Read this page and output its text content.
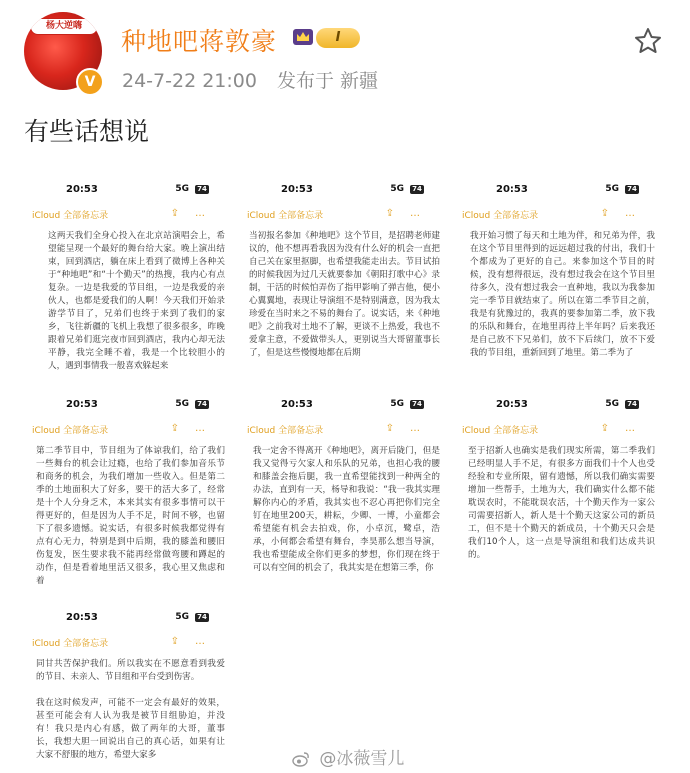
杨大逆嗨
V
种地吧蒋敦豪	I
24-7-22 21:00 发布于 新疆
有些话想说
20:53	5G	74
iCloud 全部备忘录	⇪…
这两天我们全身心投入在北京站演唱会上，希望能呈现一个最好的舞台给大家。晚上演出结束，回到酒店，躺在床上看到了微博上各种关于“种地吧”和“十个勤天”的热搜，我内心有点复杂。一边是我爱的节目组，一边是我爱的亲伙人，也都是爱我们的人啊！今天我们开始录游学节目了，兄弟们也终于来到了我们的家乡，飞往新疆的飞机上我想了很多很多，昨晚跟着兄弟们逛完夜市回到酒店，我内心却无法平静，我完全睡不着，我是一个比较胆小的人，遇到事情我一般喜欢躲起来
20:53	5G	74
iCloud 全部备忘录	⇪…
当初报名参加《种地吧》这个节目，是招聘老师建议的，他不想再看我因为没有什么好的机会一直把自己关在家里抠脚，也希望我能走出去。节目试拍的时候我因为过几天就要参加《朝阳打歌中心》录制，干活的时候怕弄伤了指甲影响了弹吉他，便小心翼翼地，表现让导演组不是特别满意，因为我太珍爱在当时来之不易的舞台了。说实话，来《种地吧》之前我对土地不了解，更谈不上热爱，我也不爱拿主意，不爱做带头人，更别说当大哥留董事长了，但是这些慢慢地都在后期
20:53	5G	74
iCloud 全部备忘录	⇪…
我开始习惯了每天和土地为伴，和兄弟为伴，我在这个节目里得到的远远超过我的付出，我们十个都成为了更好的自己。来参加这个节目的时候，没有想得很远，没有想过我会在这个节目里待多久，没有想过我会一直种地，我以为我参加完一季节目就结束了。所以在第二季节目之前，我是有犹豫过的，我真的要参加第二季，放下我的乐队和舞台，在地里再待上半年吗？后来我还是自己放不下兄弟们，放不下后续门，放不下爱我的节目组，重新回到了地里。第二季为了
20:53	5G	74
iCloud 全部备忘录	⇪…
第二季节目中，节目组为了体谅我们，给了我们一些舞台的机会让过瘾，也给了我们参加音乐节和商务的机会，为我们增加一些收入。但是第二季的土地面积大了好多，要干的活大多了，经常是十个人分身乏术，本来其实有很多事情可以干得更好的，但是因为人手不足，时间不够，也留下了很多遗憾。说实话，有很多时候我都觉得有点有心无力，特别是到中后期，我的膝盖和腰旧伤复发，医生要求我不能再经常做弯腰和蹲起的动作，但是看着地里活又很多，我心里又焦虑和着
20:53	5G	74
iCloud 全部备忘录	⇪…
我一定舍不得离开《种地吧》，离开后陇门，但是我又觉得亏欠家人和乐队的兄弟，也担心我的腰和膝盖会拖后腿，我一直希望能找到一种两全的办法，直到有一天，杨导和我说：“我一我其实理解你内心的矛盾，我其实也不忍心再把你们完全钉在地里200天，耕耘，少卿、一博，小童都会希望能有机会去拍戏，你，小卓沉，鹭卓，浩承，小何都会希望有舞台，李昊那么想当导演，我也希望能成全你们更多的梦想，你们现在终于可以有空间的机会了，我其实是在想第三季，你
20:53	5G	74
iCloud 全部备忘录	⇪…
至于招新人也确实是我们现实所需，第二季我们已经明显人手不足，有很多方面我们十个人也受经验和专业所限，留有遗憾，所以我们确实需要增加一些帮手，土地为大，我们确实什么都不能耽误农时，不能耽误农活，十个勤天作为一家公司需要招新人，新人是十个勤天这家公司的新员工，但不是十个勤天的新成员，十个勤天只会是我们10个人，这一点是导演组和我们达成共识的。
20:53	5G	74
iCloud 全部备忘录	⇪…
同甘共苦保护我们。所以我实在不愿意看到我爱的节目、未亲人、节目组和平台受到伤害。

我在这时候发声，可能不一定会有最好的效果，甚至可能会有人认为我是被节目组胁迫，并没有！我只是内心有感，做了两年的大哥，董事长，我想大胆一回说出自己的真心话，如果有让大家不舒服的地方，希望大家多	@冰薇雪儿
